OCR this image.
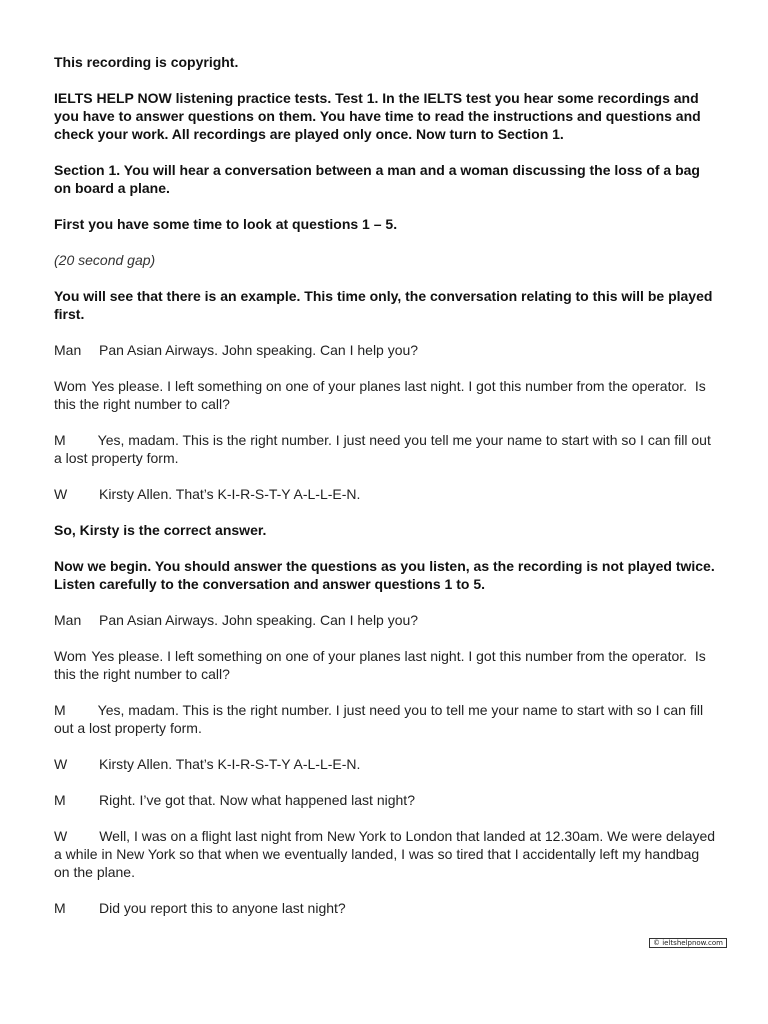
This recording is copyright.

IELTS HELP NOW listening practice tests. Test 1. In the IELTS test you hear some recordings and you have to answer questions on them. You have time to read the instructions and questions and check your work. All recordings are played only once. Now turn to Section 1.

Section 1. You will hear a conversation between a man and a woman discussing the loss of a bag on board a plane.

First you have some time to look at questions 1 – 5.

(20 second gap)

You will see that there is an example. This time only, the conversation relating to this will be played first.

Man	Pan Asian Airways. John speaking. Can I help you?

Wom Yes please. I left something on one of your planes last night. I got this number from the operator.  Is this the right number to call?

M Yes, madam. This is the right number. I just need you tell me your name to start with so I can fill out a lost property form.

W	Kirsty Allen. That’s K-I-R-S-T-Y A-L-L-E-N.

So, Kirsty is the correct answer.

Now we begin. You should answer the questions as you listen, as the recording is not played twice. Listen carefully to the conversation and answer questions 1 to 5.

Man	Pan Asian Airways. John speaking. Can I help you?

Wom Yes please. I left something on one of your planes last night. I got this number from the operator.  Is this the right number to call?

M Yes, madam. This is the right number. I just need you to tell me your name to start with so I can fill out a lost property form.

W	Kirsty Allen. That’s K-I-R-S-T-Y A-L-L-E-N.
M	Right. I’ve got that. Now what happened last night?

W Well, I was on a flight last night from New York to London that landed at 12.30am. We were delayed a while in New York so that when we eventually landed, I was so tired that I accidentally left my handbag on the plane.

M	Did you report this to anyone last night?
© ieltshelpnow.com
